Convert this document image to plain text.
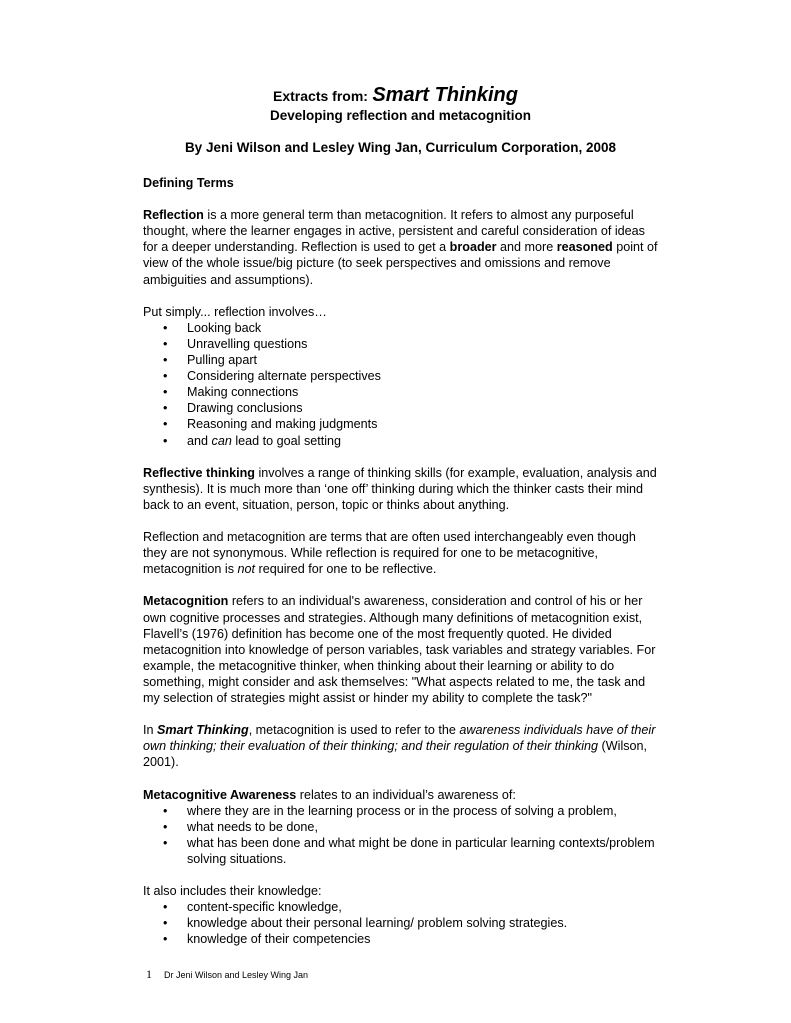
Extracts from: Smart Thinking
Developing reflection and metacognition
By Jeni Wilson and Lesley Wing Jan, Curriculum Corporation, 2008

Defining Terms

Reflection is a more general term than metacognition. It refers to almost any purposeful thought, where the learner engages in active, persistent and careful consideration of ideas for a deeper understanding. Reflection is used to get a broader and more reasoned point of view of the whole issue/big picture (to seek perspectives and omissions and remove ambiguities and assumptions).

Put simply... reflection involves…
• Looking back
• Unravelling questions
• Pulling apart
• Considering alternate perspectives
• Making connections
• Drawing conclusions
• Reasoning and making judgments
• and can lead to goal setting

Reflective thinking involves a range of thinking skills (for example, evaluation, analysis and synthesis). It is much more than ‘one off’ thinking during which the thinker casts their mind back to an event, situation, person, topic or thinks about anything.

Reflection and metacognition are terms that are often used interchangeably even though they are not synonymous. While reflection is required for one to be metacognitive, metacognition is not required for one to be reflective.

Metacognition refers to an individual's awareness, consideration and control of his or her own cognitive processes and strategies. Although many definitions of metacognition exist, Flavell’s (1976) definition has become one of the most frequently quoted. He divided metacognition into knowledge of person variables, task variables and strategy variables. For example, the metacognitive thinker, when thinking about their learning or ability to do something, might consider and ask themselves: "What aspects related to me, the task and my selection of strategies might assist or hinder my ability to complete the task?"

In Smart Thinking, metacognition is used to refer to the awareness individuals have of their own thinking; their evaluation of their thinking; and their regulation of their thinking (Wilson, 2001).

Metacognitive Awareness relates to an individual’s awareness of:
• where they are in the learning process or in the process of solving a problem,
• what needs to be done,
• what has been done and what might be done in particular learning contexts/problem solving situations.
It also includes their knowledge:
• content-specific knowledge,
• knowledge about their personal learning/ problem solving strategies.
• knowledge of their competencies
1 Dr Jeni Wilson and Lesley Wing Jan
